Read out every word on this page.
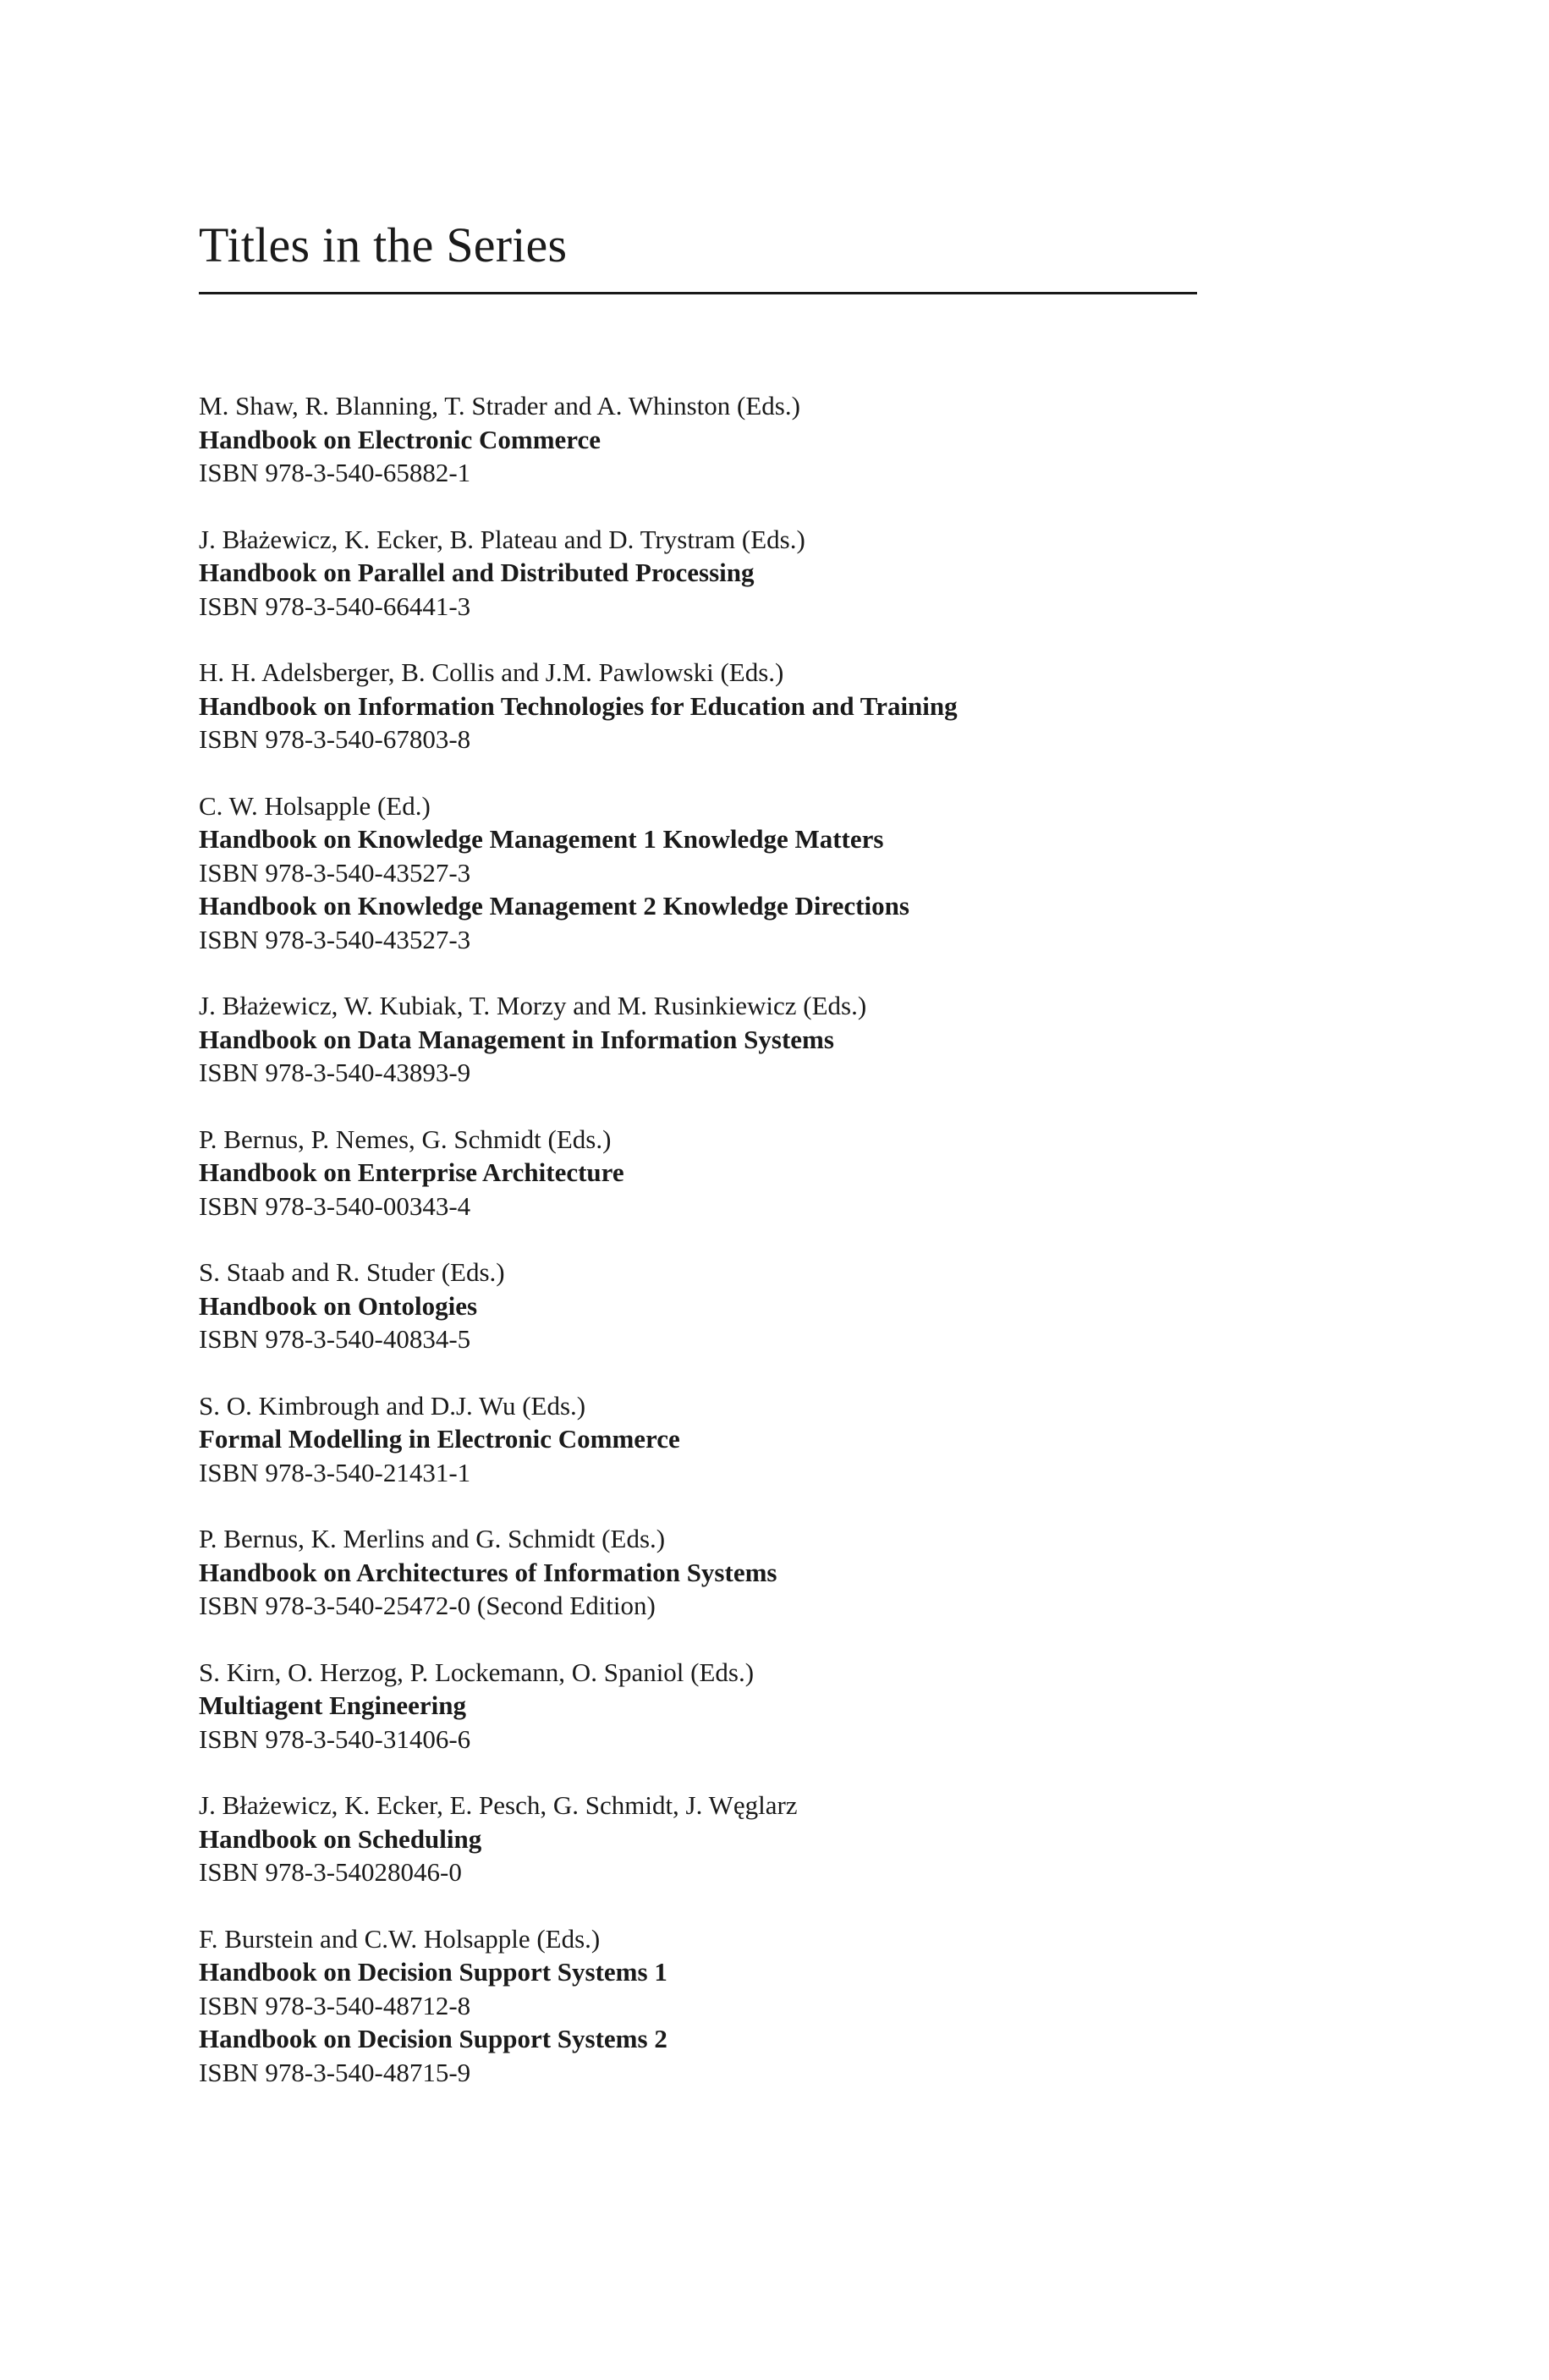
Titles in the Series
M. Shaw, R. Blanning, T. Strader and A. Whinston (Eds.)
Handbook on Electronic Commerce
ISBN 978-3-540-65882-1
J. Błażewicz, K. Ecker, B. Plateau and D. Trystram (Eds.)
Handbook on Parallel and Distributed Processing
ISBN 978-3-540-66441-3
H. H. Adelsberger, B. Collis and J.M. Pawlowski (Eds.)
Handbook on Information Technologies for Education and Training
ISBN 978-3-540-67803-8
C. W. Holsapple (Ed.)
Handbook on Knowledge Management 1 Knowledge Matters
ISBN 978-3-540-43527-3
Handbook on Knowledge Management 2 Knowledge Directions
ISBN 978-3-540-43527-3
J. Błażewicz, W. Kubiak, T. Morzy and M. Rusinkiewicz (Eds.)
Handbook on Data Management in Information Systems
ISBN 978-3-540-43893-9
P. Bernus, P. Nemes, G. Schmidt (Eds.)
Handbook on Enterprise Architecture
ISBN 978-3-540-00343-4
S. Staab and R. Studer (Eds.)
Handbook on Ontologies
ISBN 978-3-540-40834-5
S. O. Kimbrough and D.J. Wu (Eds.)
Formal Modelling in Electronic Commerce
ISBN 978-3-540-21431-1
P. Bernus, K. Merlins and G. Schmidt (Eds.)
Handbook on Architectures of Information Systems
ISBN 978-3-540-25472-0 (Second Edition)
S. Kirn, O. Herzog, P. Lockemann, O. Spaniol (Eds.)
Multiagent Engineering
ISBN 978-3-540-31406-6
J. Błażewicz, K. Ecker, E. Pesch, G. Schmidt, J. Węglarz
Handbook on Scheduling
ISBN 978-3-54028046-0
F. Burstein and C.W. Holsapple (Eds.)
Handbook on Decision Support Systems 1
ISBN 978-3-540-48712-8
Handbook on Decision Support Systems 2
ISBN 978-3-540-48715-9
